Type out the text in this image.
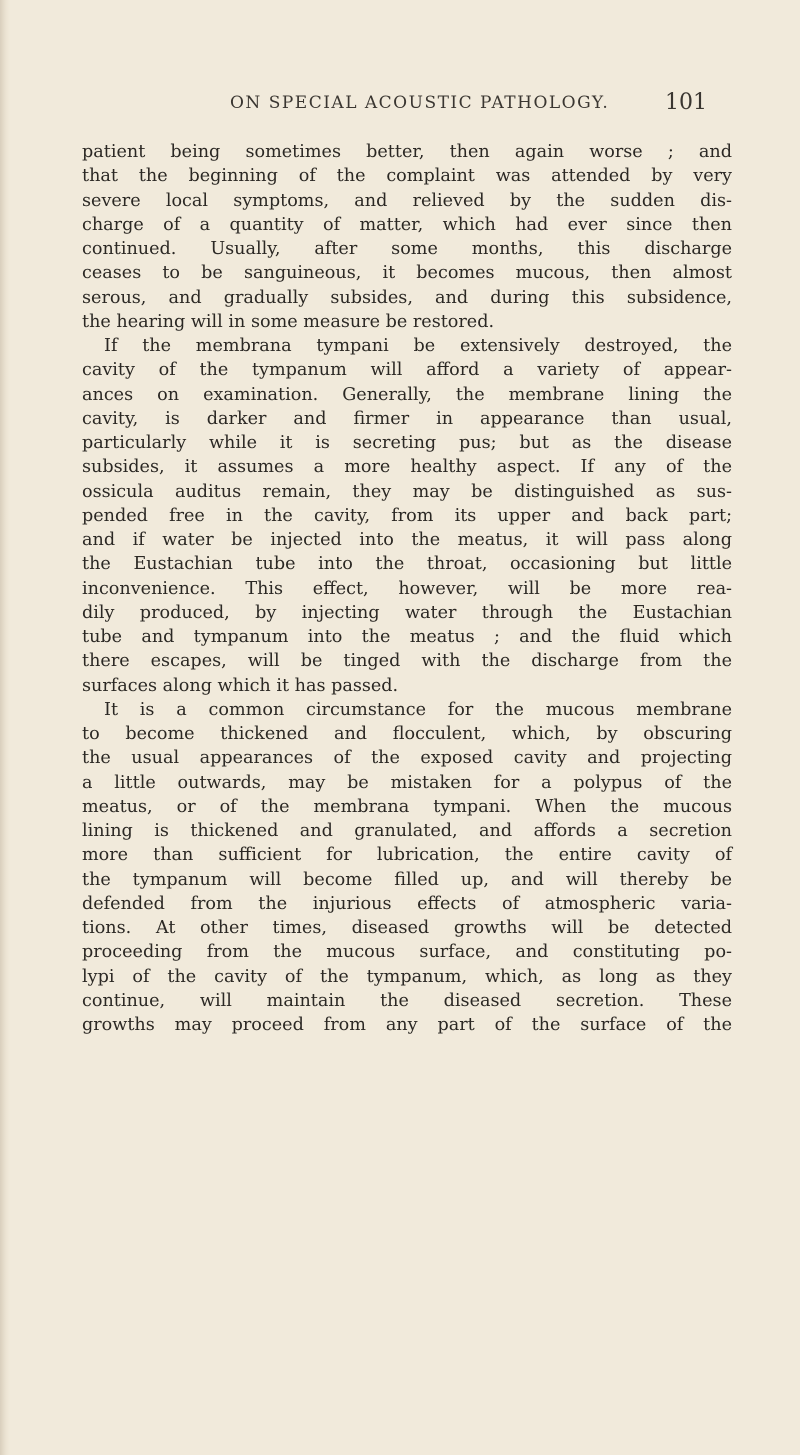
ON SPECIAL ACOUSTIC PATHOLOGY.	101
patient being sometimes better, then again worse ; and
that the beginning of the complaint was attended by very
severe local symptoms, and relieved by the sudden dis-
charge of a quantity of matter, which had ever since then
continued. Usually, after some months, this discharge
ceases to be sanguineous, it becomes mucous, then almost
serous, and gradually subsides, and during this subsidence,
the hearing will in some measure be restored.
If the membrana tympani be extensively destroyed, the
cavity of the tympanum will afford a variety of appear-
ances on examination. Generally, the membrane lining the
cavity, is darker and firmer in appearance than usual,
particularly while it is secreting pus; but as the disease
subsides, it assumes a more healthy aspect. If any of the
ossicula auditus remain, they may be distinguished as sus-
pended free in the cavity, from its upper and back part;
and if water be injected into the meatus, it will pass along
the Eustachian tube into the throat, occasioning but little
inconvenience. This effect, however, will be more rea-
dily produced, by injecting water through the Eustachian
tube and tympanum into the meatus ; and the fluid which
there escapes, will be tinged with the discharge from the
surfaces along which it has passed.
It is a common circumstance for the mucous membrane
to become thickened and flocculent, which, by obscuring
the usual appearances of the exposed cavity and projecting
a little outwards, may be mistaken for a polypus of the
meatus, or of the membrana tympani. When the mucous
lining is thickened and granulated, and affords a secretion
more than sufficient for lubrication, the entire cavity of
the tympanum will become filled up, and will thereby be
defended from the injurious effects of atmospheric varia-
tions. At other times, diseased growths will be detected
proceeding from the mucous surface, and constituting po-
lypi of the cavity of the tympanum, which, as long as they
continue, will maintain the diseased secretion. These
growths may proceed from any part of the surface of the
